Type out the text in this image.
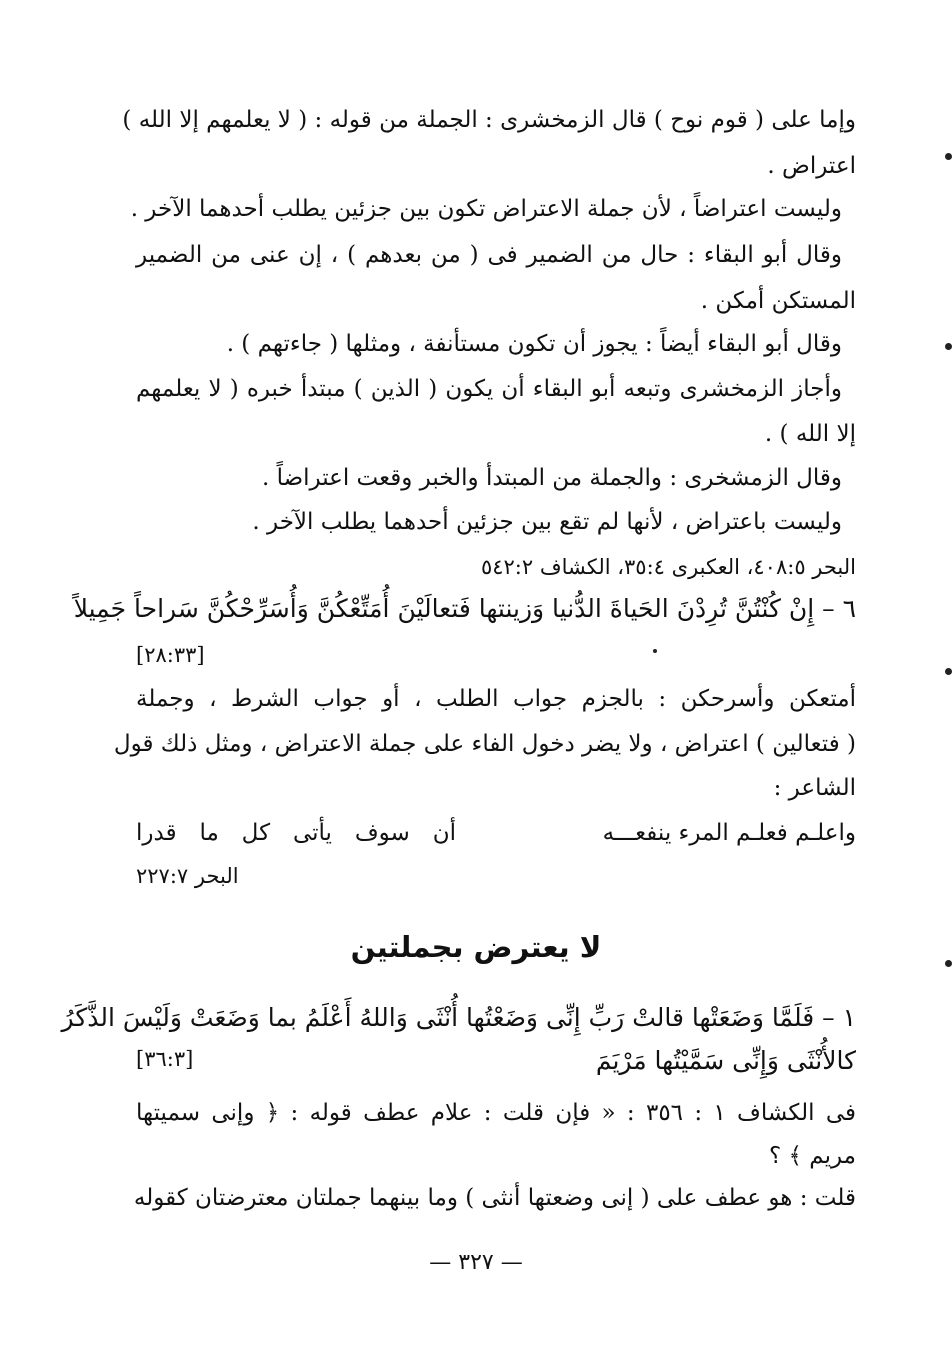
وإما على ( قوم نوح ) قال الزمخشرى : الجملة من قوله : ( لا يعلمهم إلا الله )
اعتراض .
وليست اعتراضاً ، لأن جملة الاعتراض تكون بين جزئين يطلب أحدهما الآخر .
وقال أبو البقاء : حال من الضمير فى ( من بعدهم ) ، إن عنى من الضمير
المستكن أمكن .
وقال أبو البقاء أيضاً : يجوز أن تكون مستأنفة ، ومثلها ( جاءتهم ) .
وأجاز الزمخشرى وتبعه أبو البقاء أن يكون ( الذين ) مبتدأ خبره ( لا يعلمهم
إلا الله ) .
وقال الزمشخرى : والجملة من المبتدأ والخبر وقعت اعتراضاً .
وليست باعتراض ، لأنها لم تقع بين جزئين أحدهما يطلب الآخر .
البحر ٤٠٨:٥، العكبرى ٣٥:٤، الكشاف ٥٤٢:٢
٦ – إِنْ كُنْتُنَّ تُرِدْنَ الحَياةَ الدُّنيا وَزينتها فَتعالَيْنَ أُمَتِّعْكُنَّ وَأُسَرِّحْكُنَّ سَراحاً جَمِيلاً
[٢٨:٣٣]
أمتعكن وأسرحكن : بالجزم جواب الطلب ، أو جواب الشرط ، وجملة
( فتعالين ) اعتراض ، ولا يضر دخول الفاء على جملة الاعتراض ، ومثل ذلك قول
الشاعر :
واعلـم فعلـم المرء ينفعـــه
أن سوف يأتى كل ما قدرا
البحر ٢٢٧:٧
لا يعترض بجملتين
١ – فَلَمَّا وَضَعَتْها قالتْ رَبِّ إِنِّى وَضَعْتُها أُنْثَى وَاللهُ أَعْلَمُ بما وَضَعَتْ وَلَيْسَ الذَّكَرُ
كالأُنْثَى وَإِنِّى سَمَّيْتُها مَرْيَمَ
[٣٦:٣]
فى الكشاف ١ : ٣٥٦ : « فإن قلت : علام عطف قوله : ﴿ وإنى سميتها
مريم ﴾ ؟
قلت : هو عطف على ( إنى وضعتها أنثى ) وما بينهما جملتان معترضتان كقوله
— ٣٢٧ —
